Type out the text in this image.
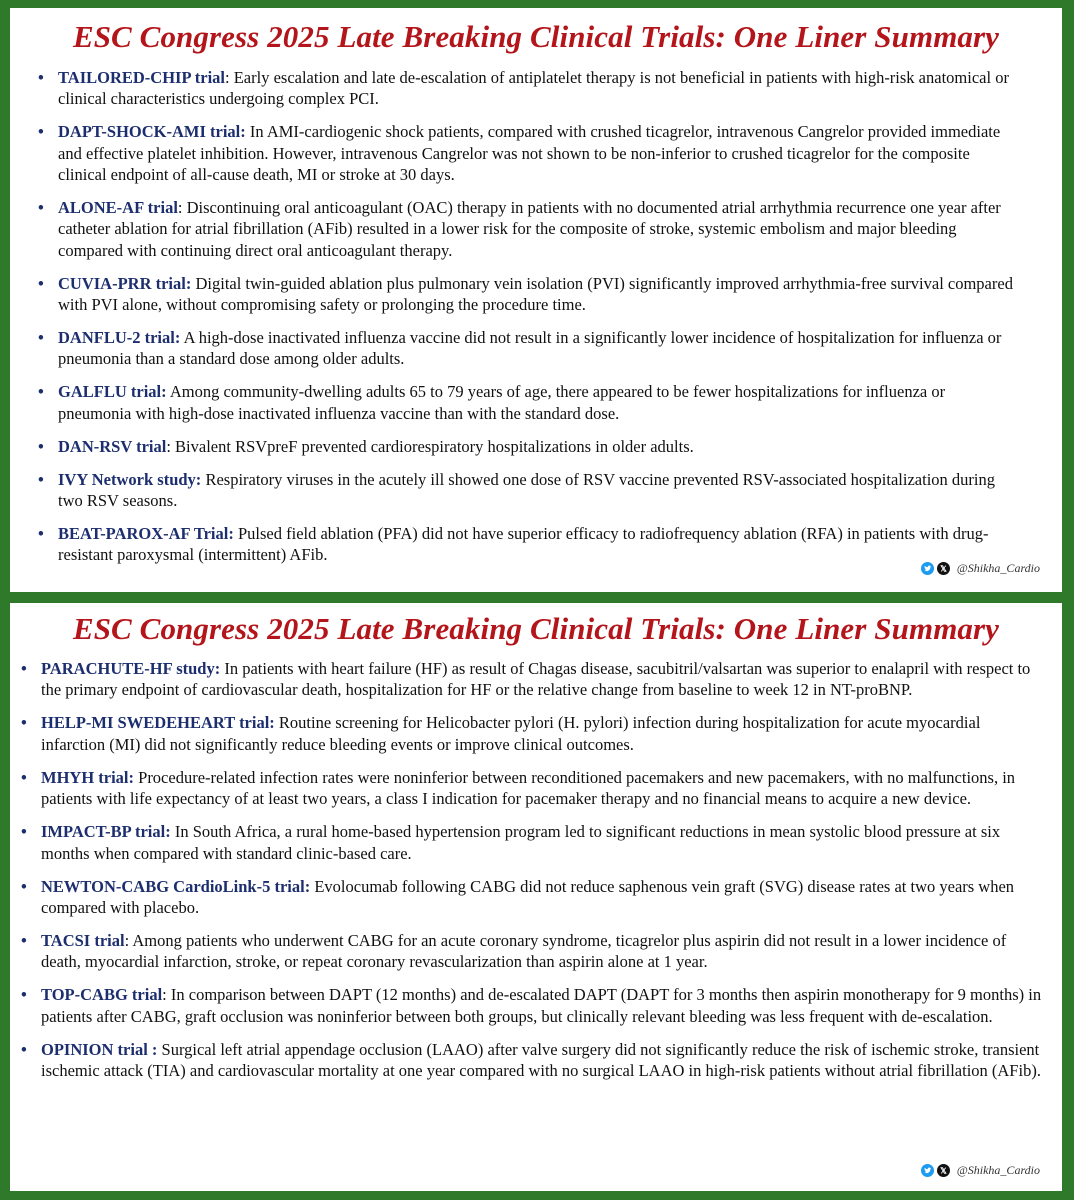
ESC Congress 2025 Late Breaking Clinical Trials: One Liner Summary
• TAILORED-CHIP trial: Early escalation and late de-escalation of antiplatelet therapy is not beneficial in patients with high-risk anatomical or clinical characteristics undergoing complex PCI.
• DAPT-SHOCK-AMI trial: In AMI-cardiogenic shock patients, compared with crushed ticagrelor, intravenous Cangrelor provided immediate and effective platelet inhibition. However, intravenous Cangrelor was not shown to be non-inferior to crushed ticagrelor for the composite clinical endpoint of all-cause death, MI or stroke at 30 days.
• ALONE-AF trial: Discontinuing oral anticoagulant (OAC) therapy in patients with no documented atrial arrhythmia recurrence one year after catheter ablation for atrial fibrillation (AFib) resulted in a lower risk for the composite of stroke, systemic embolism and major bleeding compared with continuing direct oral anticoagulant therapy.
• CUVIA-PRR trial: Digital twin-guided ablation plus pulmonary vein isolation (PVI) significantly improved arrhythmia-free survival compared with PVI alone, without compromising safety or prolonging the procedure time.
• DANFLU-2 trial: A high-dose inactivated influenza vaccine did not result in a significantly lower incidence of hospitalization for influenza or pneumonia than a standard dose among older adults.
• GALFLU trial: Among community-dwelling adults 65 to 79 years of age, there appeared to be fewer hospitalizations for influenza or pneumonia with high-dose inactivated influenza vaccine than with the standard dose.
• DAN-RSV trial: Bivalent RSVpreF prevented cardiorespiratory hospitalizations in older adults.
• IVY Network study: Respiratory viruses in the acutely ill showed one dose of RSV vaccine prevented RSV-associated hospitalization during two RSV seasons.
• BEAT-PAROX-AF Trial: Pulsed field ablation (PFA) did not have superior efficacy to radiofrequency ablation (RFA) in patients with drug-resistant paroxysmal (intermittent) AFib.
@Shikha_Cardio
ESC Congress 2025 Late Breaking Clinical Trials: One Liner Summary
• PARACHUTE-HF study: In patients with heart failure (HF) as result of Chagas disease, sacubitril/valsartan was superior to enalapril with respect to the primary endpoint of cardiovascular death, hospitalization for HF or the relative change from baseline to week 12 in NT-proBNP.
• HELP-MI SWEDEHEART trial: Routine screening for Helicobacter pylori (H. pylori) infection during hospitalization for acute myocardial infarction (MI) did not significantly reduce bleeding events or improve clinical outcomes.
• MHYH trial: Procedure-related infection rates were noninferior between reconditioned pacemakers and new pacemakers, with no malfunctions, in patients with life expectancy of at least two years, a class I indication for pacemaker therapy and no financial means to acquire a new device.
• IMPACT-BP trial: In South Africa, a rural home-based hypertension program led to significant reductions in mean systolic blood pressure at six months when compared with standard clinic-based care.
• NEWTON-CABG CardioLink-5 trial: Evolocumab following CABG did not reduce saphenous vein graft (SVG) disease rates at two years when compared with placebo.
• TACSI trial: Among patients who underwent CABG for an acute coronary syndrome, ticagrelor plus aspirin did not result in a lower incidence of death, myocardial infarction, stroke, or repeat coronary revascularization than aspirin alone at 1 year.
• TOP-CABG trial: In comparison between DAPT (12 months) and de-escalated DAPT (DAPT for 3 months then aspirin monotherapy for 9 months) in patients after CABG, graft occlusion was noninferior between both groups, but clinically relevant bleeding was less frequent with de-escalation.
• OPINION trial : Surgical left atrial appendage occlusion (LAAO) after valve surgery did not significantly reduce the risk of ischemic stroke, transient ischemic attack (TIA) and cardiovascular mortality at one year compared with no surgical LAAO in high-risk patients without atrial fibrillation (AFib).
@Shikha_Cardio
